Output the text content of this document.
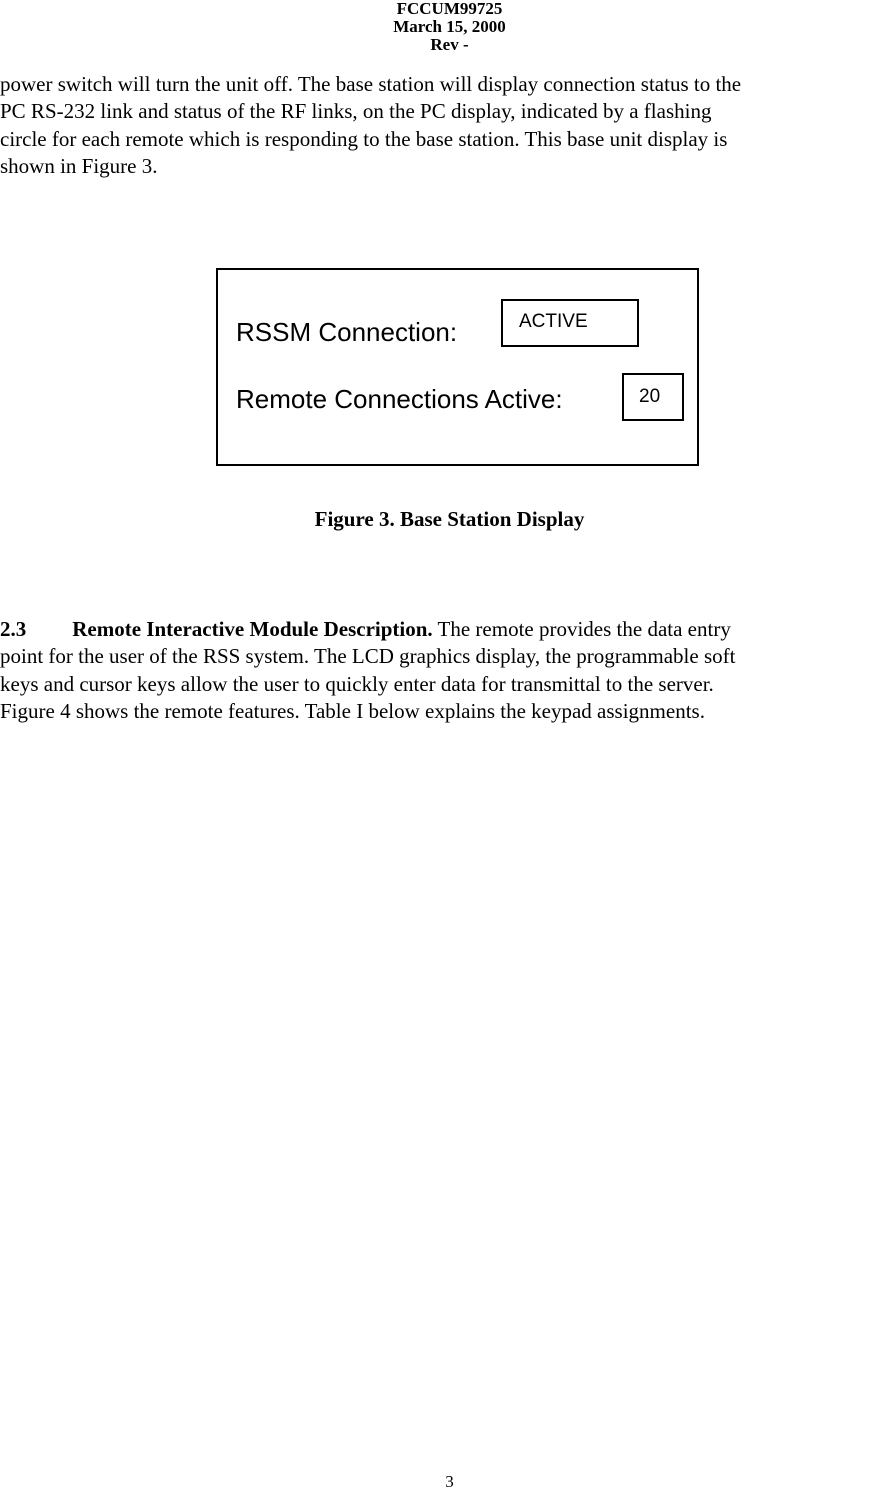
FCCUM99725
March 15, 2000
Rev -

power switch will turn the unit off. The base station will display connection status to the
PC RS-232 link and status of the RF links, on the PC display, indicated by a flashing
circle for each remote which is responding to the base station. This base unit display is
shown in Figure 3.

RSSM Connection:	ACTIVE
Remote Connections Active:	20
Figure 3. Base Station Display

2.3 Remote Interactive Module Description. The remote provides the data entry
point for the user of the RSS system. The LCD graphics display, the programmable soft
keys and cursor keys allow the user to quickly enter data for transmittal to the server.
Figure 4 shows the remote features. Table I below explains the keypad assignments.

3
